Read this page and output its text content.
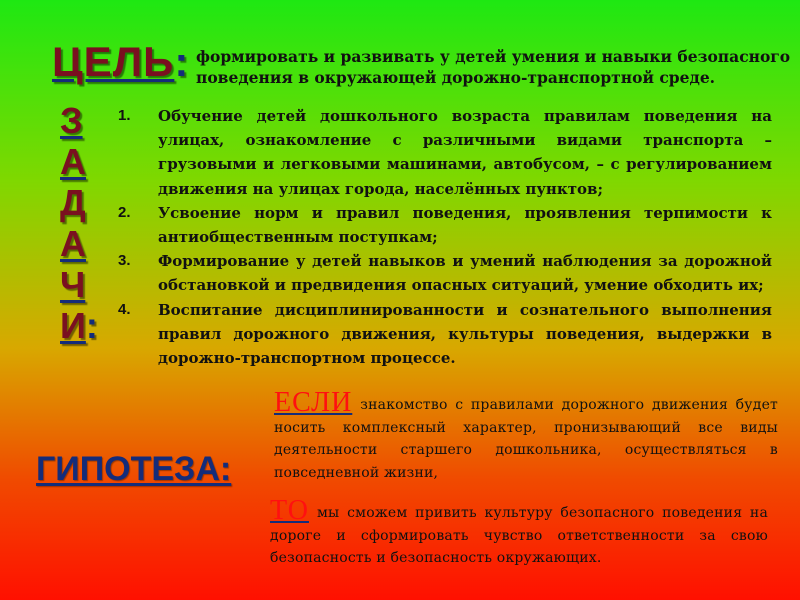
ЦЕЛЬ: формировать и развивать у детей умения и навыки безопасного поведения в окружающей дорожно-транспортной среде.
З
А
Д
А
Ч
И:
1. Обучение детей дошкольного возраста правилам поведения на улицах, ознакомление с различными видами транспорта – грузовыми и легковыми машинами, автобусом, – с регулированием движения на улицах города, населённых пунктов;
2. Усвоение норм и правил поведения, проявления терпимости к антиобщественным поступкам;
3. Формирование у детей навыков и умений наблюдения за дорожной обстановкой и предвидения опасных ситуаций, умение обходить их;
4. Воспитание дисциплинированности и сознательного выполнения правил дорожного движения, культуры поведения, выдержки в дорожно-транспортном процессе.
ГИПОТЕЗА:
ЕСЛИ знакомство с правилами дорожного движения будет носить комплексный характер, пронизывающий все виды деятельности старшего дошкольника, осуществляться в повседневной жизни,
ТО мы сможем привить культуру безопасного поведения на дороге и сформировать чувство ответственности за свою безопасность и безопасность окружающих.
